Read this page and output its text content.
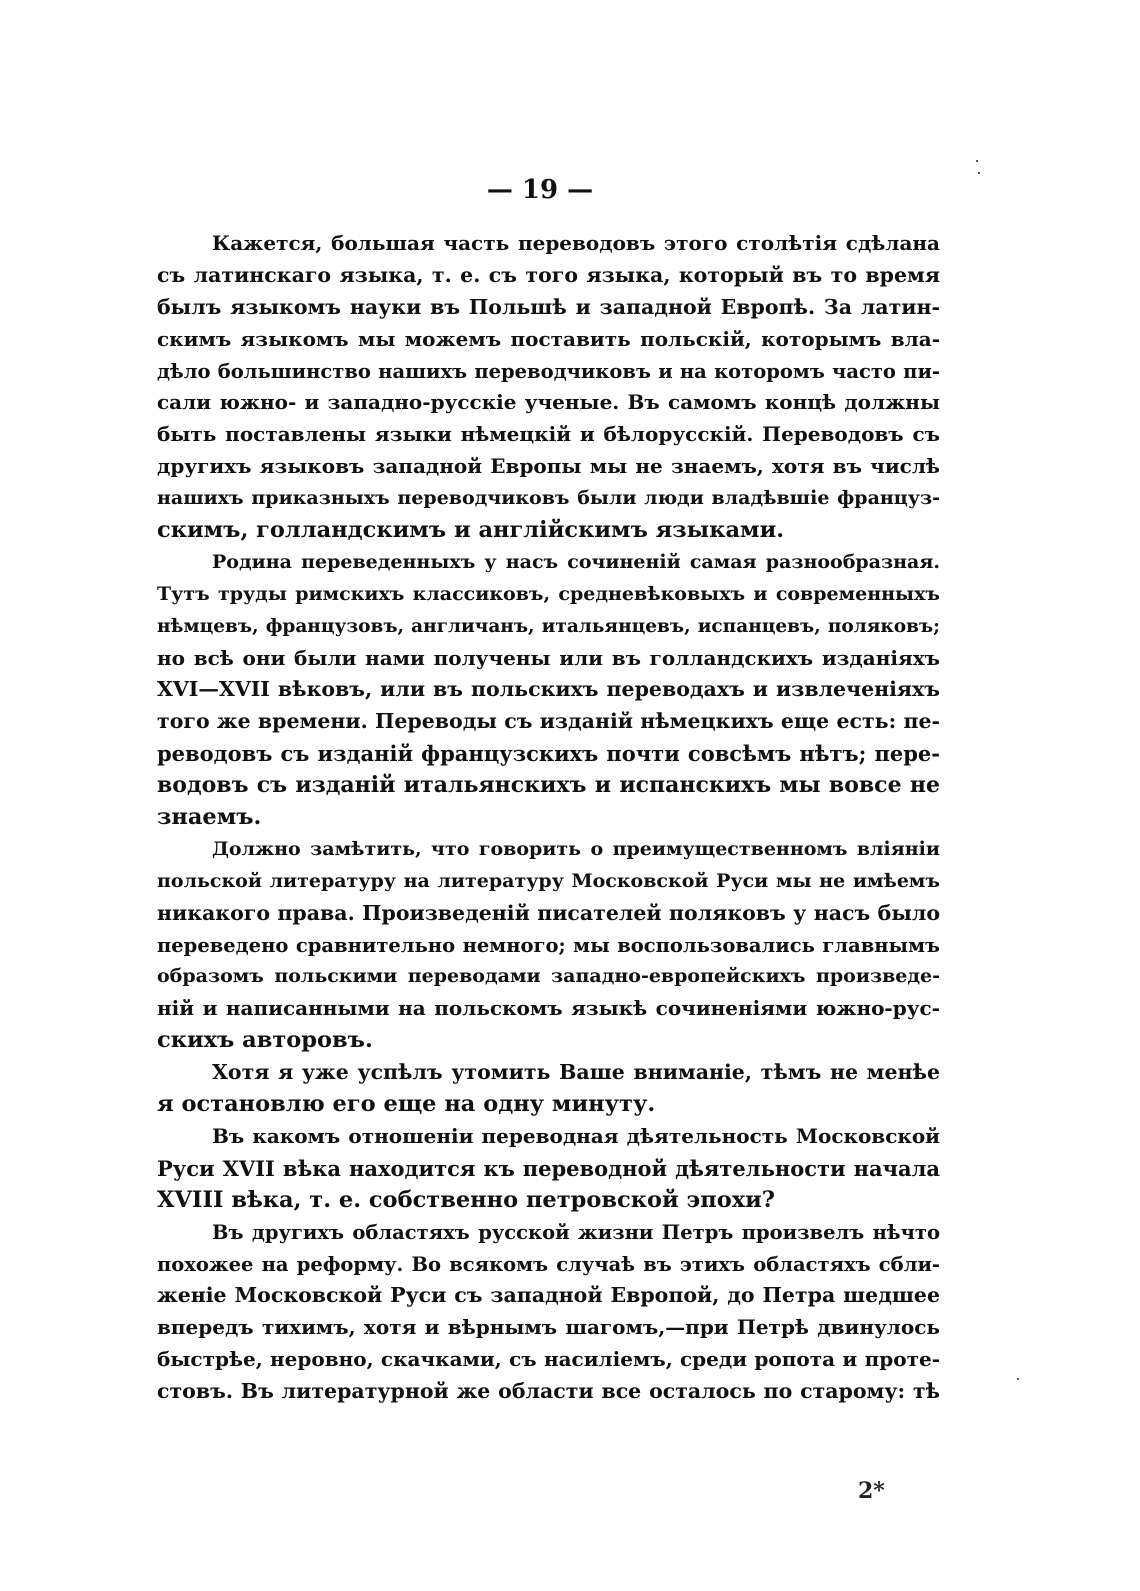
— 19 —
Кажется, большая часть переводовъ этого столѣтія сдѣлана
съ латинскаго языка, т. е. съ того языка, который въ то время
былъ языкомъ науки въ Польшѣ и западной Европѣ. За латин-
скимъ языкомъ мы можемъ поставить польскій, которымъ вла-
дѣло большинство нашихъ переводчиковъ и на которомъ часто пи-
сали южно- и западно-русскіе ученые. Въ самомъ концѣ должны
быть поставлены языки нѣмецкій и бѣлорусскій. Переводовъ съ
другихъ языковъ западной Европы мы не знаемъ, хотя въ числѣ
нашихъ приказныхъ переводчиковъ были люди владѣвшіе француз-
скимъ, голландскимъ и англійскимъ языками.
Родина переведенныхъ у насъ сочиненій самая разнообразная.
Тутъ труды римскихъ классиковъ, средневѣковыхъ и современныхъ
нѣмцевъ, французовъ, англичанъ, итальянцевъ, испанцевъ, поляковъ;
но всѣ они были нами получены или въ голландскихъ изданіяхъ
XVI—XVII вѣковъ, или въ польскихъ переводахъ и извлеченіяхъ
того же времени. Переводы съ изданій нѣмецкихъ еще есть: пе-
реводовъ съ изданій французскихъ почти совсѣмъ нѣтъ; пере-
водовъ съ изданій итальянскихъ и испанскихъ мы вовсе не
знаемъ.
Должно замѣтить, что говорить о преимущественномъ вліяніи
польской литературу на литературу Московской Руси мы не имѣемъ
никакого права. Произведеній писателей поляковъ у насъ было
переведено сравнительно немного; мы воспользовались главнымъ
образомъ польскими переводами западно-европейскихъ произведе-
ній и написанными на польскомъ языкѣ сочиненіями южно-рус-
скихъ авторовъ.
Хотя я уже успѣлъ утомить Ваше вниманіе, тѣмъ не менѣе
я остановлю его еще на одну минуту.
Въ какомъ отношеніи переводная дѣятельность Московской
Руси XVII вѣка находится къ переводной дѣятельности начала
XVIII вѣка, т. е. собственно петровской эпохи?
Въ другихъ областяхъ русской жизни Петръ произвелъ нѣчто
похожее на реформу. Во всякомъ случаѣ въ этихъ областяхъ сбли-
женіе Московской Руси съ западной Европой, до Петра шедшее
впередъ тихимъ, хотя и вѣрнымъ шагомъ,—при Петрѣ двинулось
быстрѣе, неровно, скачками, съ насиліемъ, среди ропота и проте-
стовъ. Въ литературной же области все осталось по старому: тѣ
2*
